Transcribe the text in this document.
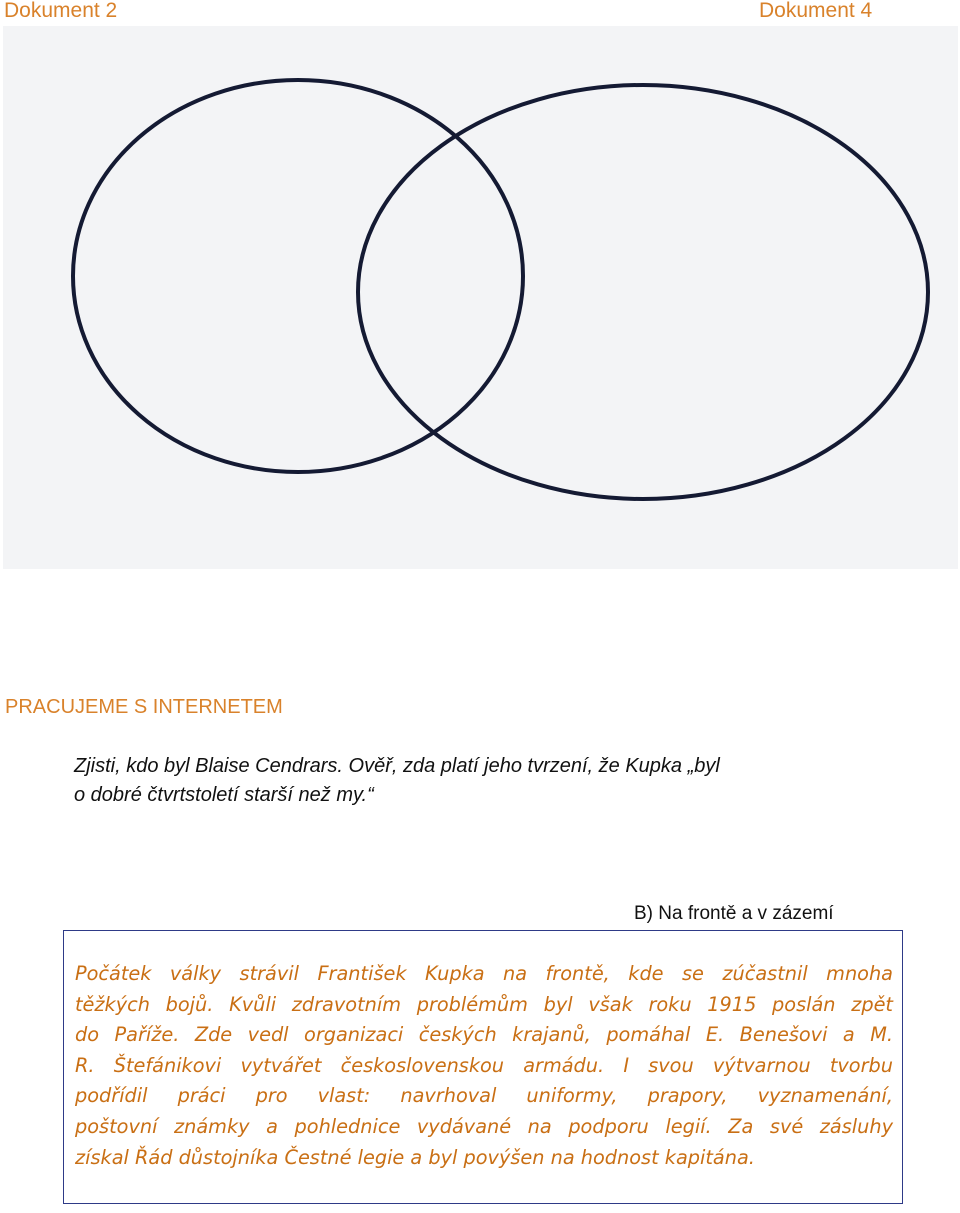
Dokument 2	Dokument 4
PRACUJEME S INTERNETEM
Zjisti, kdo byl Blaise Cendrars. Ověř, zda platí jeho tvrzení, že Kupka „byl
o dobré čtvrtstoletí starší než my.“
B) Na frontě a v zázemí
Počátek války strávil František Kupka na frontě, kde se zúčastnil mnoha
těžkých bojů. Kvůli zdravotním problémům byl však roku 1915 poslán zpět
do Paříže. Zde vedl organizaci českých krajanů, pomáhal E. Benešovi a M.
R. Štefánikovi vytvářet československou armádu. I svou výtvarnou tvorbu
podřídil práci pro vlast: navrhoval uniformy, prapory, vyznamenání,
poštovní známky a pohlednice vydávané na podporu legií. Za své zásluhy
získal Řád důstojníka Čestné legie a byl povýšen na hodnost kapitána.
